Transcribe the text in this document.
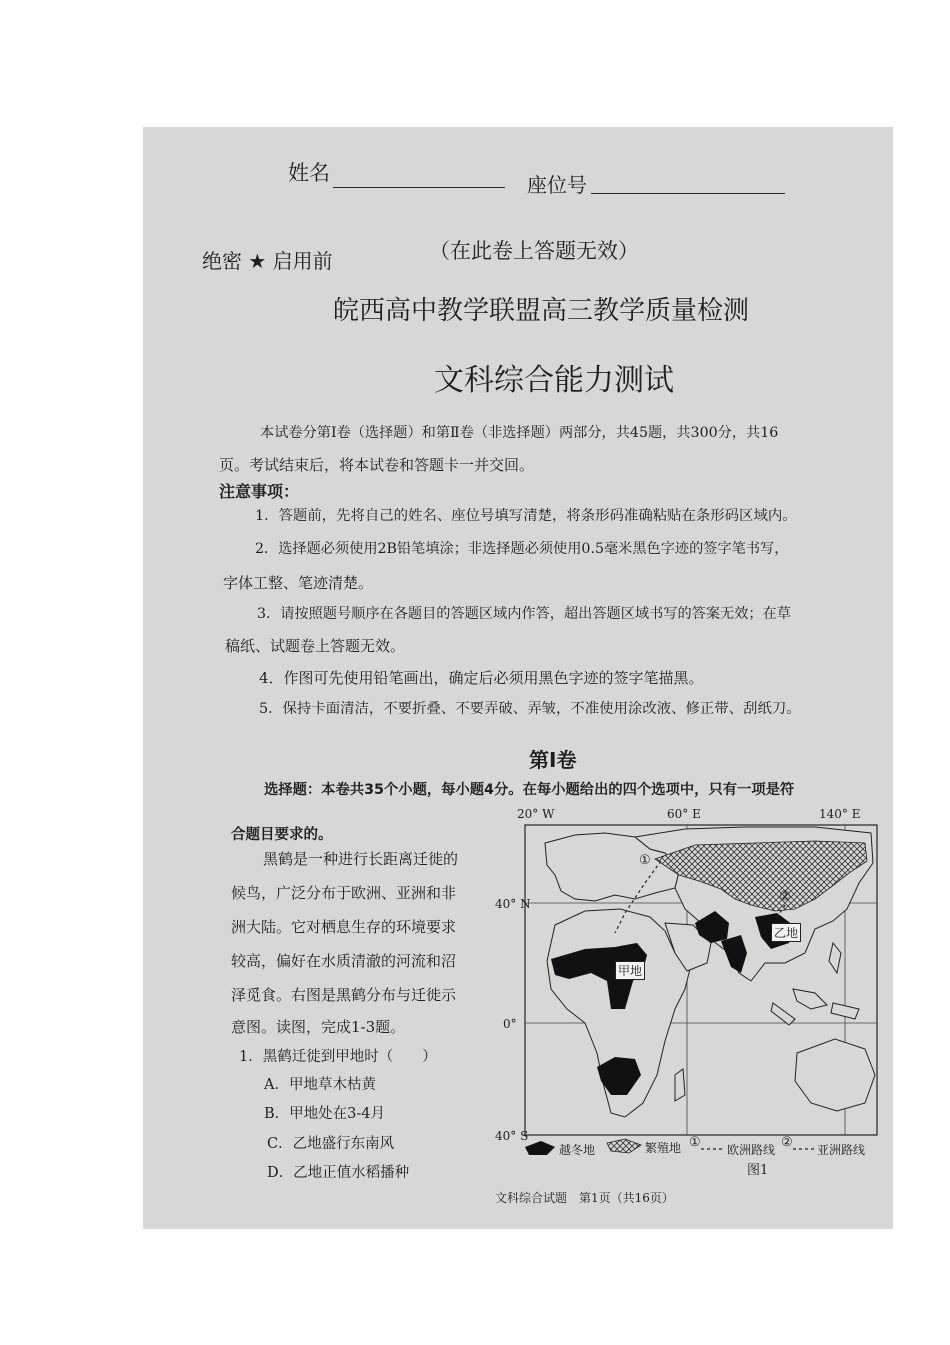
姓名	座位号
绝密 ★ 启用前	（在此卷上答题无效）
皖西高中教学联盟高三教学质量检测
文科综合能力测试
本试卷分第Ⅰ卷（选择题）和第Ⅱ卷（非选择题）两部分，共45题，共300分，共16
页。考试结束后，将本试卷和答题卡一并交回。
注意事项：
1．答题前，先将自己的姓名、座位号填写清楚，将条形码准确粘贴在条形码区域内。
2．选择题必须使用2B铅笔填涂；非选择题必须使用0.5毫米黑色字迹的签字笔书写，
字体工整、笔迹清楚。
3．请按照题号顺序在各题目的答题区域内作答，超出答题区域书写的答案无效；在草
稿纸、试题卷上答题无效。
4．作图可先使用铅笔画出，确定后必须用黑色字迹的签字笔描黑。
5．保持卡面清洁，不要折叠、不要弄破、弄皱，不准使用涂改液、修正带、刮纸刀。
第Ⅰ卷
选择题：本卷共35个小题，每小题4分。在每小题给出的四个选项中，只有一项是符
合题目要求的。
黑鹤是一种进行长距离迁徙的
候鸟，广泛分布于欧洲、亚洲和非
洲大陆。它对栖息生存的环境要求
较高，偏好在水质清澈的河流和沼
泽觅食。右图是黑鹤分布与迁徙示
意图。读图，完成1-3题。
1．黑鹤迁徙到甲地时（　　）
A．甲地草木枯黄
B．甲地处在3-4月
C．乙地盛行东南风
D．乙地正值水稻播种
20° W	60° E	140° E
40° N
0°
40° S
甲地
乙地
①
②
越冬地	繁殖地 ① 欧洲路线 ② 亚洲路线
图1
文科综合试题　第1页（共16页）
